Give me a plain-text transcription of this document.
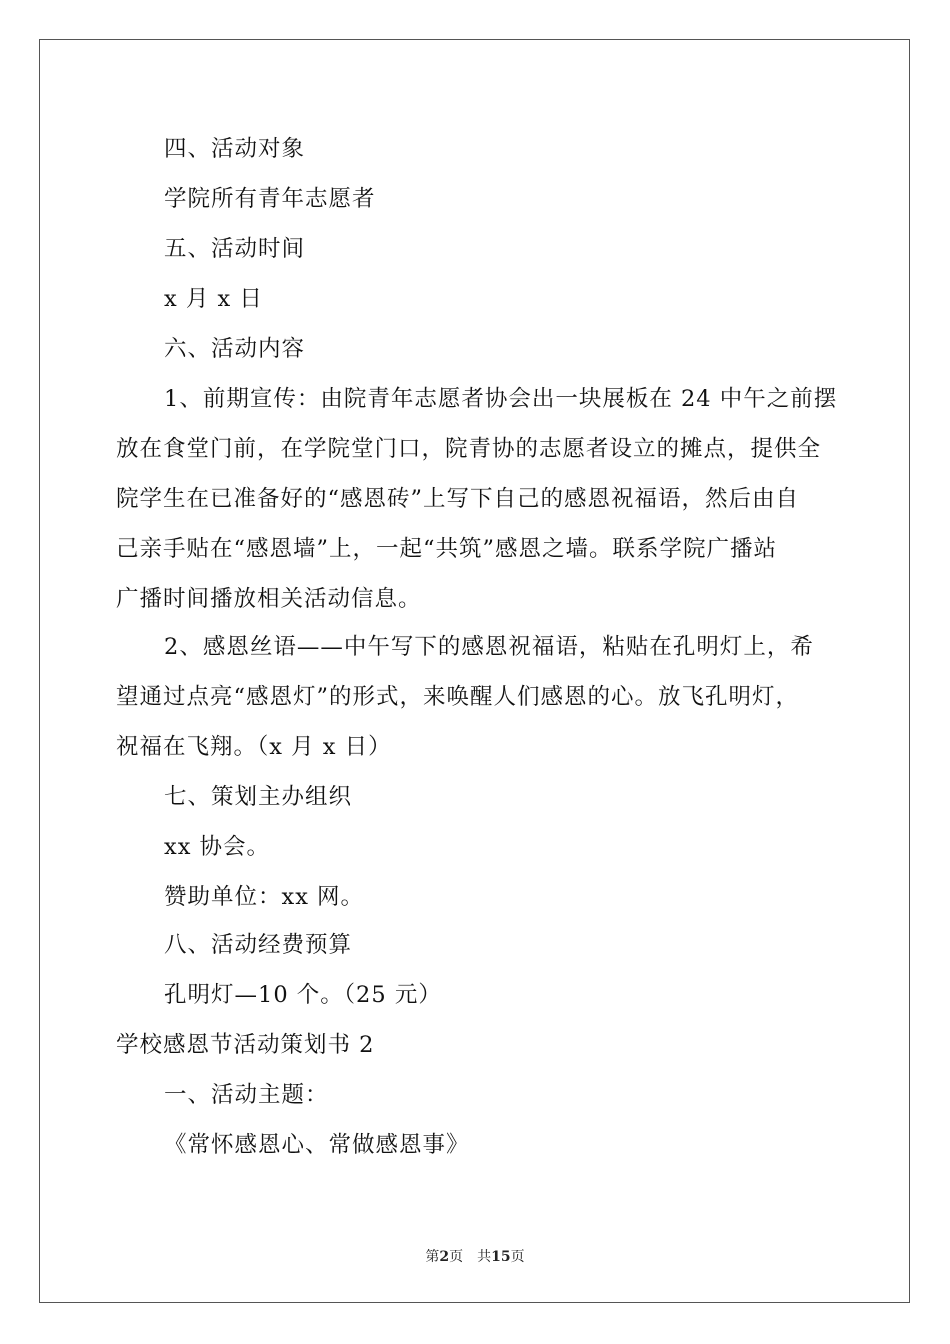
四、活动对象
学院所有青年志愿者
五、活动时间
x 月 x 日
六、活动内容
1、前期宣传：由院青年志愿者协会出一块展板在 24 中午之前摆
放在食堂门前，在学院堂门口，院青协的志愿者设立的摊点，提供全
院学生在已准备好的“感恩砖”上写下自己的感恩祝福语，然后由自
己亲手贴在“感恩墙”上，一起“共筑”感恩之墙。联系学院广播站
广播时间播放相关活动信息。
2、感恩丝语——中午写下的感恩祝福语，粘贴在孔明灯上，希
望通过点亮“感恩灯”的形式，来唤醒人们感恩的心。放飞孔明灯，
祝福在飞翔。（x 月 x 日）
七、策划主办组织
xx 协会。
赞助单位：xx 网。
八、活动经费预算
孔明灯—10 个。（25 元）
学校感恩节活动策划书 2
一、活动主题：
《常怀感恩心、常做感恩事》
第2页　共15页
